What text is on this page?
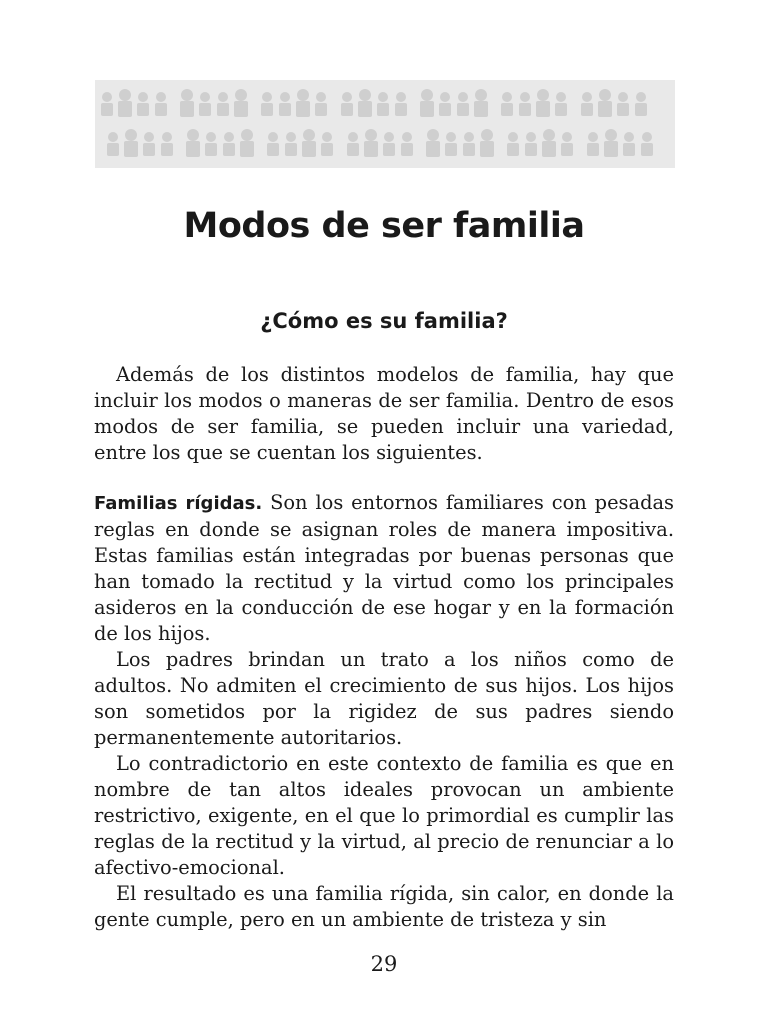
Modos de ser familia
¿Cómo es su familia?

Además de los distintos modelos de familia, hay que incluir los modos o maneras de ser familia. Dentro de esos modos de ser familia, se pueden incluir una variedad, entre los que se cuentan los siguientes.

Familias rígidas. Son los entornos familiares con pesadas reglas en donde se asignan roles de manera impositiva. Estas familias están integradas por buenas personas que han tomado la rectitud y la virtud como los principales asideros en la conducción de ese hogar y en la formación de los hijos.

Los padres brindan un trato a los niños como de adultos. No admiten el crecimiento de sus hijos. Los hijos son sometidos por la rigidez de sus padres siendo permanentemente autoritarios.

Lo contradictorio en este contexto de familia es que en nombre de tan altos ideales provocan un ambiente restrictivo, exigente, en el que lo primordial es cumplir las reglas de la rectitud y la virtud, al precio de renunciar a lo afectivo-emocional.

El resultado es una familia rígida, sin calor, en donde la gente cumple, pero en un ambiente de tristeza y sin

29
